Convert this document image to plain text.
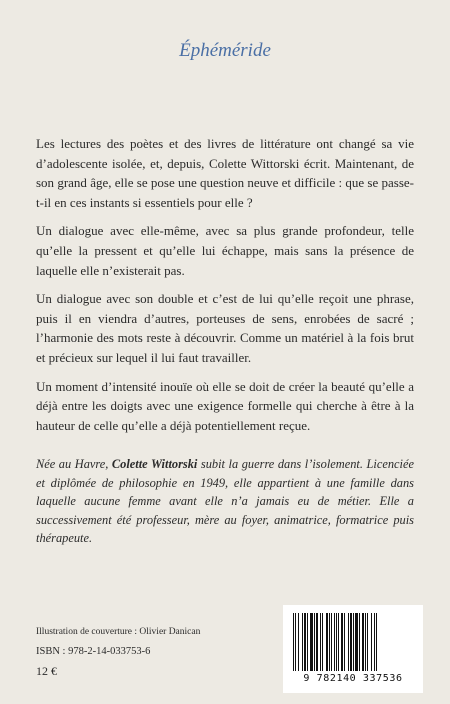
Éphéméride

Les lectures des poètes et des livres de littérature ont changé sa vie d’adolescente isolée, et, depuis, Colette Wittorski écrit. Maintenant, de son grand âge, elle se pose une question neuve et difficile : que se passe-t-il en ces instants si essentiels pour elle ?

Un dialogue avec elle-même, avec sa plus grande profondeur, telle qu’elle la pressent et qu’elle lui échappe, mais sans la présence de laquelle elle n’existerait pas.

Un dialogue avec son double et c’est de lui qu’elle reçoit une phrase, puis il en viendra d’autres, porteuses de sens, enrobées de sacré ; l’harmonie des mots reste à découvrir. Comme un matériel à la fois brut et précieux sur lequel il lui faut travailler.

Un moment d’intensité inouïe où elle se doit de créer la beauté qu’elle a déjà entre les doigts avec une exigence formelle qui cherche à être à la hauteur de celle qu’elle a déjà potentiellement reçue.

Née au Havre, Colette Wittorski subit la guerre dans l’isolement. Licenciée et diplômée de philosophie en 1949, elle appartient à une famille dans laquelle aucune femme avant elle n’a jamais eu de métier. Elle a successivement été professeur, mère au foyer, animatrice, formatrice puis thérapeute.
Illustration de couverture : Olivier Danican
ISBN : 978-2-14-033753-6
12 €
9 782140 337536
